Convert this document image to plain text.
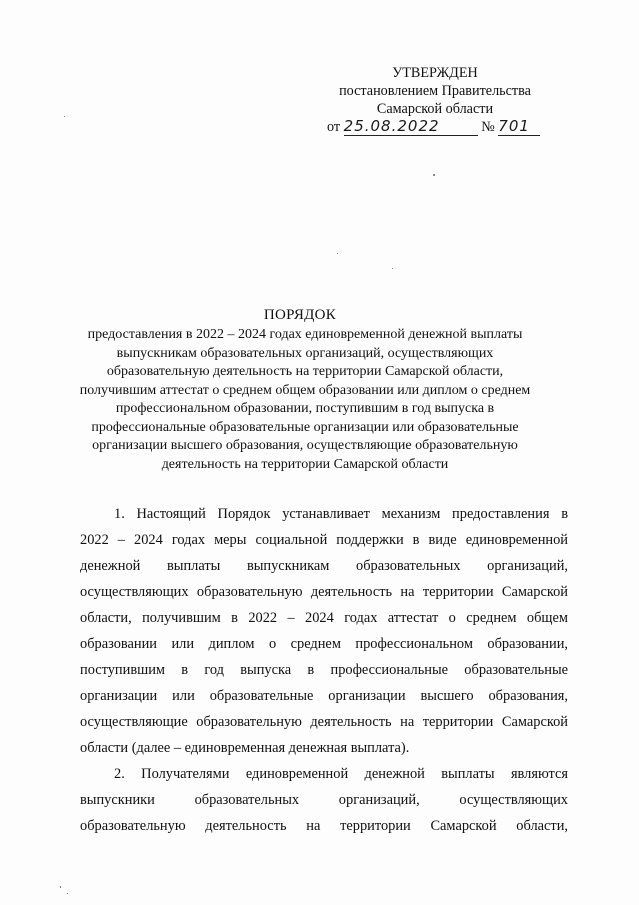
УТВЕРЖДЕН
постановлением Правительства
Самарской области
от 25.08.2022	№ 701
ПОРЯДОК
предоставления в 2022 – 2024 годах единовременной денежной выплаты
выпускникам образовательных организаций, осуществляющих
образовательную деятельность на территории Самарской области,
получившим аттестат о среднем общем образовании или диплом о среднем
профессиональном образовании, поступившим в год выпуска в
профессиональные образовательные организации или образовательные
организации высшего образования, осуществляющие образовательную
деятельность на территории Самарской области
1. Настоящий Порядок устанавливает механизм предоставления в
2022 – 2024 годах меры социальной поддержки в виде единовременной
денежной выплаты выпускникам образовательных организаций,
осуществляющих образовательную деятельность на территории Самарской
области, получившим в 2022 – 2024 годах аттестат о среднем общем
образовании или диплом о среднем профессиональном образовании,
поступившим в год выпуска в профессиональные образовательные
организации или образовательные организации высшего образования,
осуществляющие образовательную деятельность на территории Самарской
области (далее – единовременная денежная выплата).
2. Получателями единовременной денежной выплаты являются
выпускники образовательных организаций, осуществляющих
образовательную деятельность на территории Самарской области,
